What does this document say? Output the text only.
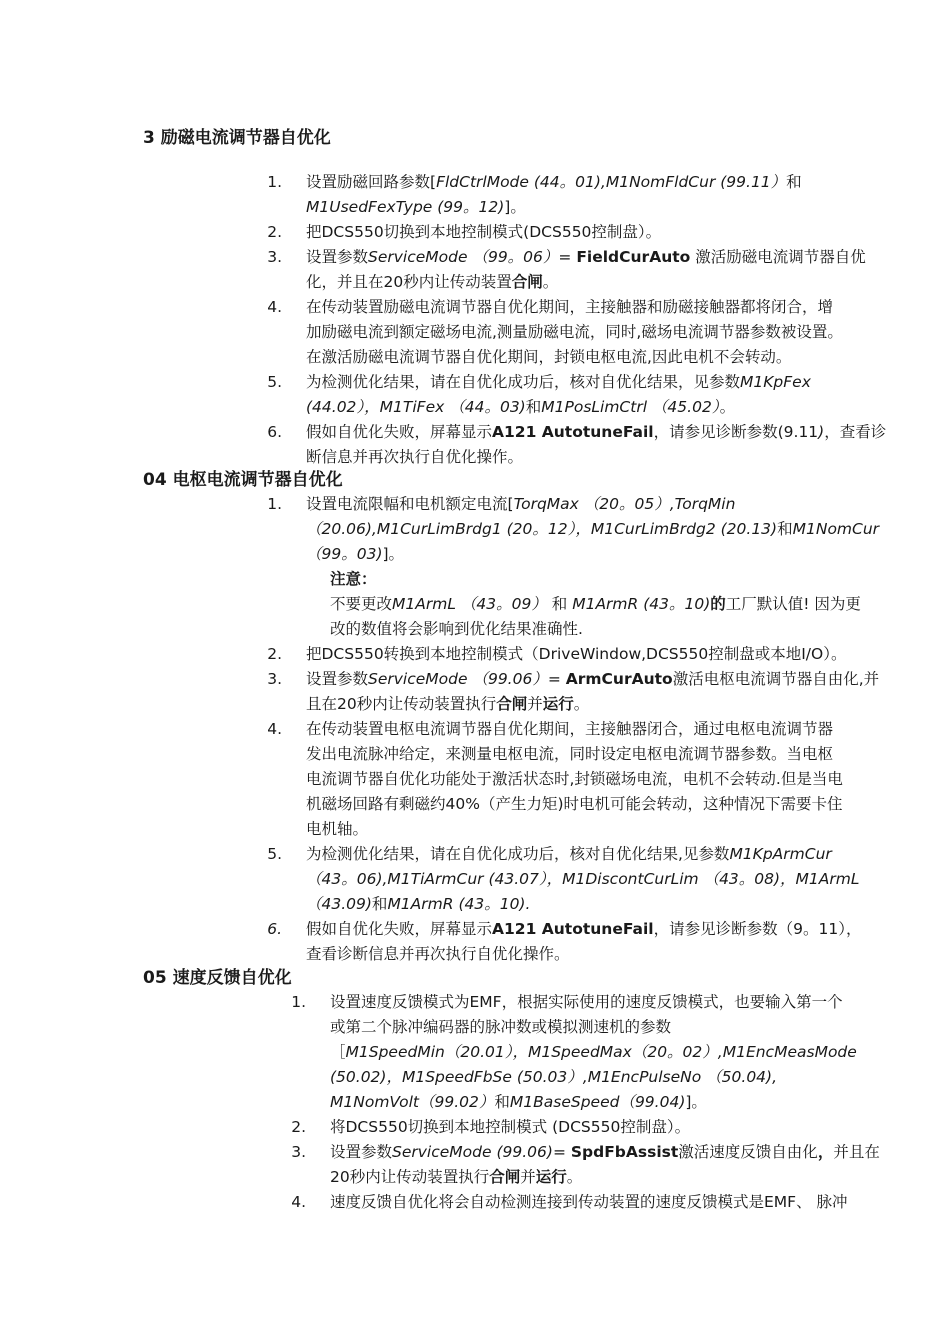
3 励磁电流调节器自优化
1. 设置励磁回路参数[FldCtrlMode (44。01),M1NomFldCur (99.11）和
M1UsedFexType (99。12)]。
2. 把DCS550切换到本地控制模式(DCS550控制盘）。
3. 设置参数ServiceMode （99。06）= FieldCurAuto 激活励磁电流调节器自优
化，并且在20秒内让传动装置合闸。
4. 在传动装置励磁电流调节器自优化期间，主接触器和励磁接触器都将闭合，增
加励磁电流到额定磁场电流,测量励磁电流，同时,磁场电流调节器参数被设置。
在激活励磁电流调节器自优化期间，封锁电枢电流,因此电机不会转动。
5. 为检测优化结果，请在自优化成功后，核对自优化结果，见参数M1KpFex
(44.02），M1TiFex （44。03)和M1PosLimCtrl （45.02）。
6. 假如自优化失败，屏幕显示A121 AutotuneFail，请参见诊断参数(9.11)，查看诊
断信息并再次执行自优化操作。
04 电枢电流调节器自优化
1. 设置电流限幅和电机额定电流[TorqMax （20。05）,TorqMin
（20.06),M1CurLimBrdg1 (20。12），M1CurLimBrdg2 (20.13)和M1NomCur
（99。03)]。
注意：
不要更改M1ArmL （43。09） 和 M1ArmR (43。10)的工厂默认值! 因为更
改的数值将会影响到优化结果准确性.
2. 把DCS550转换到本地控制模式（DriveWindow,DCS550控制盘或本地I/O）。
3. 设置参数ServiceMode （99.06）= ArmCurAuto激活电枢电流调节器自由化,并
且在20秒内让传动装置执行合闸并运行。
4. 在传动装置电枢电流调节器自优化期间，主接触器闭合，通过电枢电流调节器
发出电流脉冲给定，来测量电枢电流，同时设定电枢电流调节器参数。当电枢
电流调节器自优化功能处于激活状态时,封锁磁场电流，电机不会转动.但是当电
机磁场回路有剩磁约40%（产生力矩)时电机可能会转动，这种情况下需要卡住
电机轴。
5. 为检测优化结果，请在自优化成功后，核对自优化结果,见参数M1KpArmCur
（43。06),M1TiArmCur (43.07），M1DiscontCurLim （43。08)，M1ArmL
（43.09)和M1ArmR (43。10).
6. 假如自优化失败，屏幕显示A121 AutotuneFail，请参见诊断参数（9。11），
查看诊断信息并再次执行自优化操作。
05 速度反馈自优化
1. 设置速度反馈模式为EMF，根据实际使用的速度反馈模式，也要输入第一个
或第二个脉冲编码器的脉冲数或模拟测速机的参数
［M1SpeedMin（20.01），M1SpeedMax（20。02）,M1EncMeasMode
(50.02)，M1SpeedFbSe (50.03）,M1EncPulseNo （50.04),
M1NomVolt（99.02）和M1BaseSpeed（99.04)]。
2. 将DCS550切换到本地控制模式 (DCS550控制盘）。
3. 设置参数ServiceMode (99.06)= SpdFbAssist激活速度反馈自由化，并且在
20秒内让传动装置执行合闸并运行。
4. 速度反馈自优化将会自动检测连接到传动装置的速度反馈模式是EMF、 脉冲
